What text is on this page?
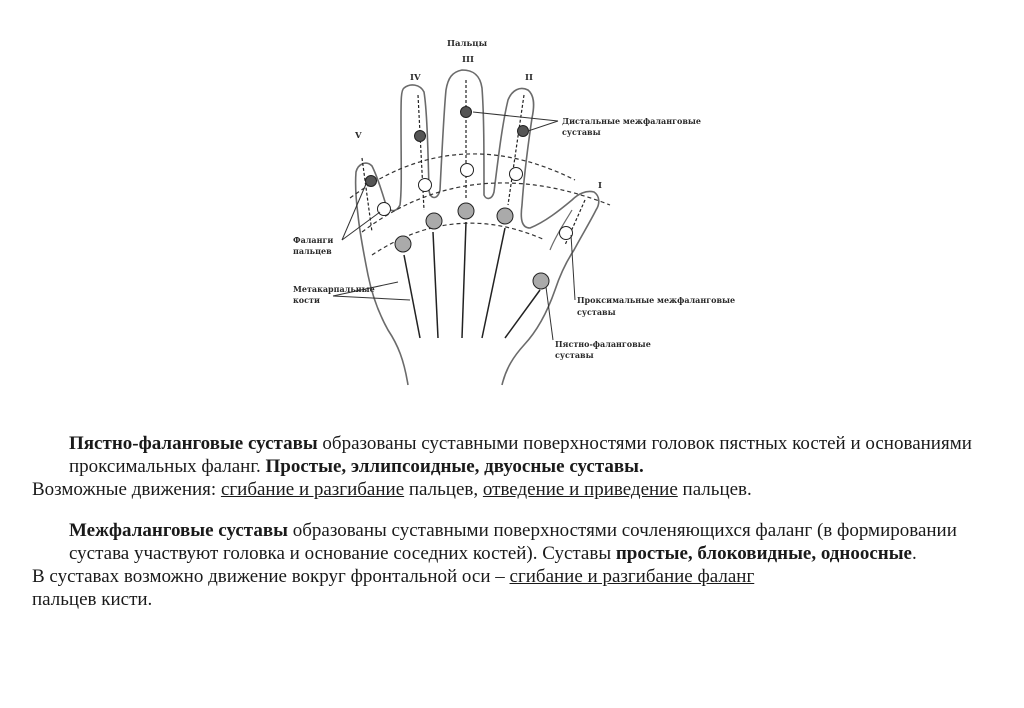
Пальцы
III
IV	II
V
I
Дистальные межфаланговые
суставы
Фаланги
пальцев
Метакарпальные
кости	Проксимальные межфаланговые
суставы
Пястно-фаланговые
суставы
Пястно-фаланговые суставы образованы суставными поверхностями головок пястных костей и основаниями проксимальных фаланг. Простые, эллипсоидные, двуосные суставы.
Возможные движения: сгибание и разгибание пальцев, отведение и приведение пальцев.
Межфаланговые суставы образованы суставными поверхностями сочленяющихся фаланг (в формировании сустава участвуют головка и основание соседних костей). Суставы простые, блоковидные, одноосные.
В суставах возможно движение вокруг фронтальной оси – сгибание и разгибание фаланг
пальцев кисти.
